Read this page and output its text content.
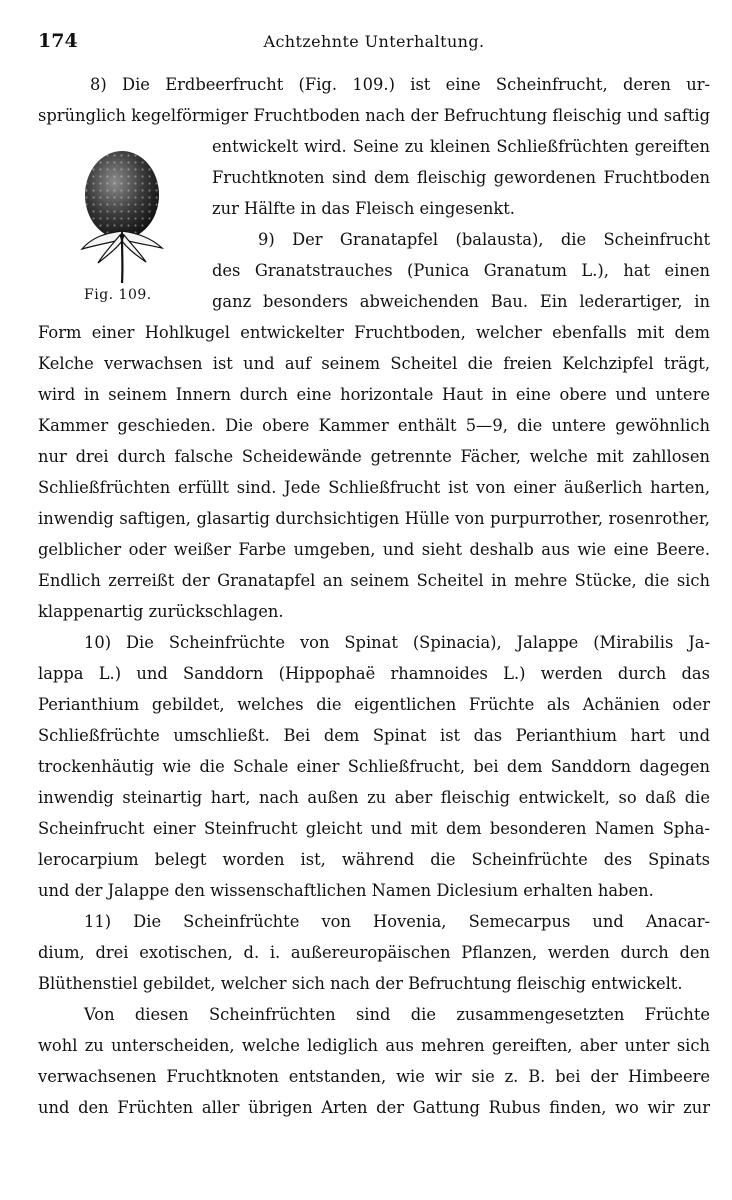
174	Achtzehnte Unterhaltung.
Fig. 109.
8) Die Erdbeerfrucht (Fig. 109.) ist eine Scheinfrucht, deren ur-
sprünglich kegelförmiger Fruchtboden nach der Befruchtung fleischig und saftig
entwickelt wird. Seine zu kleinen Schließfrüchten gereiften
Fruchtknoten sind dem fleischig gewordenen Fruchtboden
zur Hälfte in das Fleisch eingesenkt.
9) Der Granatapfel (balausta), die Scheinfrucht
des Granatstrauches (Punica Granatum L.), hat einen
ganz besonders abweichenden Bau. Ein lederartiger, in
Form einer Hohlkugel entwickelter Fruchtboden, welcher ebenfalls mit dem
Kelche verwachsen ist und auf seinem Scheitel die freien Kelchzipfel trägt,
wird in seinem Innern durch eine horizontale Haut in eine obere und untere
Kammer geschieden. Die obere Kammer enthält 5—9, die untere gewöhnlich
nur drei durch falsche Scheidewände getrennte Fächer, welche mit zahllosen
Schließfrüchten erfüllt sind. Jede Schließfrucht ist von einer äußerlich harten,
inwendig saftigen, glasartig durchsichtigen Hülle von purpurrother, rosenrother,
gelblicher oder weißer Farbe umgeben, und sieht deshalb aus wie eine Beere.
Endlich zerreißt der Granatapfel an seinem Scheitel in mehre Stücke, die sich
klappenartig zurückschlagen.
10) Die Scheinfrüchte von Spinat (Spinacia), Jalappe (Mirabilis Ja-
lappa L.) und Sanddorn (Hippophaë rhamnoides L.) werden durch das
Perianthium gebildet, welches die eigentlichen Früchte als Achänien oder
Schließfrüchte umschließt. Bei dem Spinat ist das Perianthium hart und
trockenhäutig wie die Schale einer Schließfrucht, bei dem Sanddorn dagegen
inwendig steinartig hart, nach außen zu aber fleischig entwickelt, so daß die
Scheinfrucht einer Steinfrucht gleicht und mit dem besonderen Namen Spha-
lerocarpium belegt worden ist, während die Scheinfrüchte des Spinats
und der Jalappe den wissenschaftlichen Namen Diclesium erhalten haben.
11) Die Scheinfrüchte von Hovenia, Semecarpus und Anacar-
dium, drei exotischen, d. i. außereuropäischen Pflanzen, werden durch den
Blüthenstiel gebildet, welcher sich nach der Befruchtung fleischig entwickelt.
Von diesen Scheinfrüchten sind die zusammengesetzten Früchte
wohl zu unterscheiden, welche lediglich aus mehren gereiften, aber unter sich
verwachsenen Fruchtknoten entstanden, wie wir sie z. B. bei der Himbeere
und den Früchten aller übrigen Arten der Gattung Rubus finden, wo wir zur
